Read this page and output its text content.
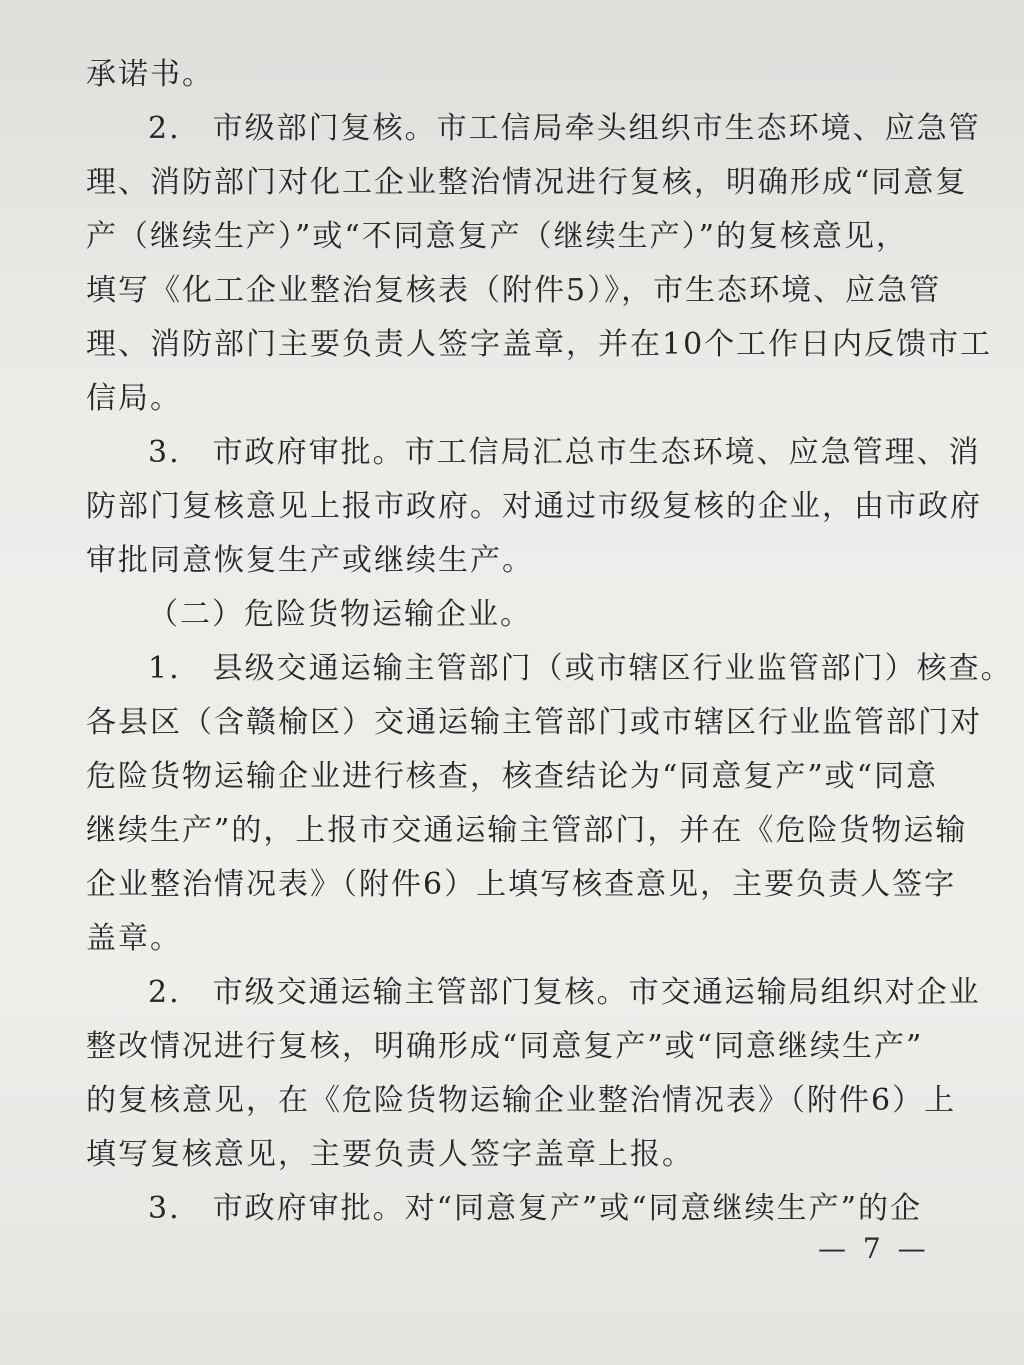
承诺书。
2.　市级部门复核。市工信局牵头组织市生态环境、应急管
理、消防部门对化工企业整治情况进行复核，明确形成“同意复
产（继续生产）”或“不同意复产（继续生产）”的复核意见，
填写《化工企业整治复核表（附件5）》，市生态环境、应急管
理、消防部门主要负责人签字盖章，并在10个工作日内反馈市工
信局。
3.　市政府审批。市工信局汇总市生态环境、应急管理、消
防部门复核意见上报市政府。对通过市级复核的企业，由市政府
审批同意恢复生产或继续生产。
（二）危险货物运输企业。
1.　县级交通运输主管部门（或市辖区行业监管部门）核查。
各县区（含赣榆区）交通运输主管部门或市辖区行业监管部门对
危险货物运输企业进行核查，核查结论为“同意复产”或“同意
继续生产”的，上报市交通运输主管部门，并在《危险货物运输
企业整治情况表》（附件6）上填写核查意见，主要负责人签字
盖章。
2.　市级交通运输主管部门复核。市交通运输局组织对企业
整改情况进行复核，明确形成“同意复产”或“同意继续生产”
的复核意见，在《危险货物运输企业整治情况表》（附件6）上
填写复核意见，主要负责人签字盖章上报。
3.　市政府审批。对“同意复产”或“同意继续生产”的企
— 7 —
